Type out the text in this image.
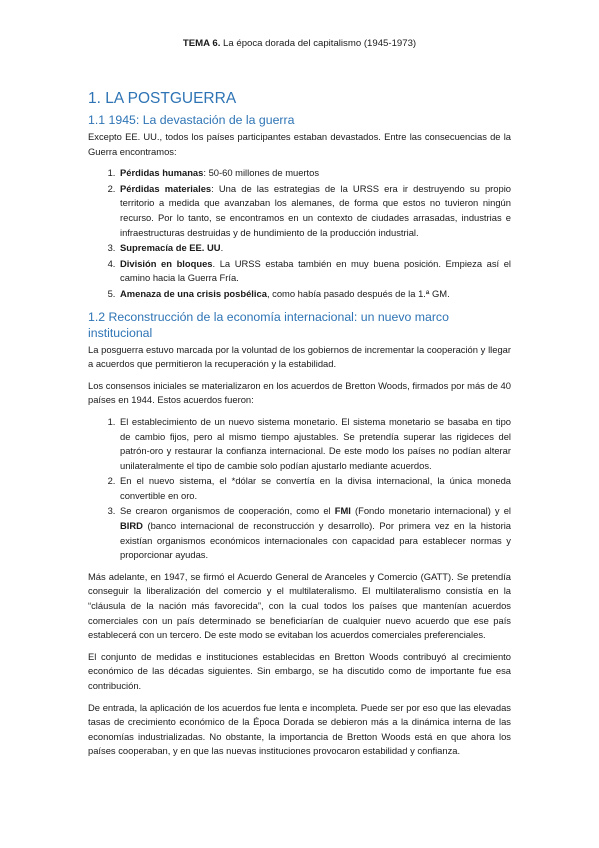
TEMA 6. La época dorada del capitalismo (1945-1973)
1. LA POSTGUERRA
1.1 1945: La devastación de la guerra

Excepto EE. UU., todos los países participantes estaban devastados. Entre las consecuencias de la Guerra encontramos:

1. Pérdidas humanas: 50-60 millones de muertos
2. Pérdidas materiales: Una de las estrategias de la URSS era ir destruyendo su propio territorio a medida que avanzaban los alemanes, de forma que estos no tuvieron ningún recurso. Por lo tanto, se encontramos en un contexto de ciudades arrasadas, industrias e infraestructuras destruidas y de hundimiento de la producción industrial.
3. Supremacía de EE. UU.
4. División en bloques. La URSS estaba también en muy buena posición. Empieza así el camino hacia la Guerra Fría.
5. Amenaza de una crisis posbélica, como había pasado después de la 1.ª GM.
1.2 Reconstrucción de la economía internacional: un nuevo marco institucional

La posguerra estuvo marcada por la voluntad de los gobiernos de incrementar la cooperación y llegar a acuerdos que permitieron la recuperación y la estabilidad.

Los consensos iniciales se materializaron en los acuerdos de Bretton Woods, firmados por más de 40 países en 1944. Estos acuerdos fueron:

1. El establecimiento de un nuevo sistema monetario. El sistema monetario se basaba en tipo de cambio fijos, pero al mismo tiempo ajustables. Se pretendía superar las rigideces del patrón-oro y restaurar la confianza internacional. De este modo los países no podían alterar unilateralmente el tipo de cambie solo podían ajustarlo mediante acuerdos.
2. En el nuevo sistema, el *dólar se convertía en la divisa internacional, la única moneda convertible en oro.
3. Se crearon organismos de cooperación, como el FMI (Fondo monetario internacional) y el BIRD (banco internacional de reconstrucción y desarrollo). Por primera vez en la historia existían organismos económicos internacionales con capacidad para establecer normas y proporcionar ayudas.

Más adelante, en 1947, se firmó el Acuerdo General de Aranceles y Comercio (GATT). Se pretendía conseguir la liberalización del comercio y el multilateralismo. El multilateralismo consistía en la “cláusula de la nación más favorecida”, con la cual todos los países que mantenían acuerdos comerciales con un país determinado se beneficiarían de cualquier nuevo acuerdo que ese país establecerá con un tercero. De este modo se evitaban los acuerdos comerciales preferenciales.

El conjunto de medidas e instituciones establecidas en Bretton Woods contribuyó al crecimiento económico de las décadas siguientes. Sin embargo, se ha discutido como de importante fue esa contribución.

De entrada, la aplicación de los acuerdos fue lenta e incompleta. Puede ser por eso que las elevadas tasas de crecimiento económico de la Época Dorada se debieron más a la dinámica interna de las economías industrializadas. No obstante, la importancia de Bretton Woods está en que ahora los países cooperaban, y en que las nuevas instituciones provocaron estabilidad y confianza.
